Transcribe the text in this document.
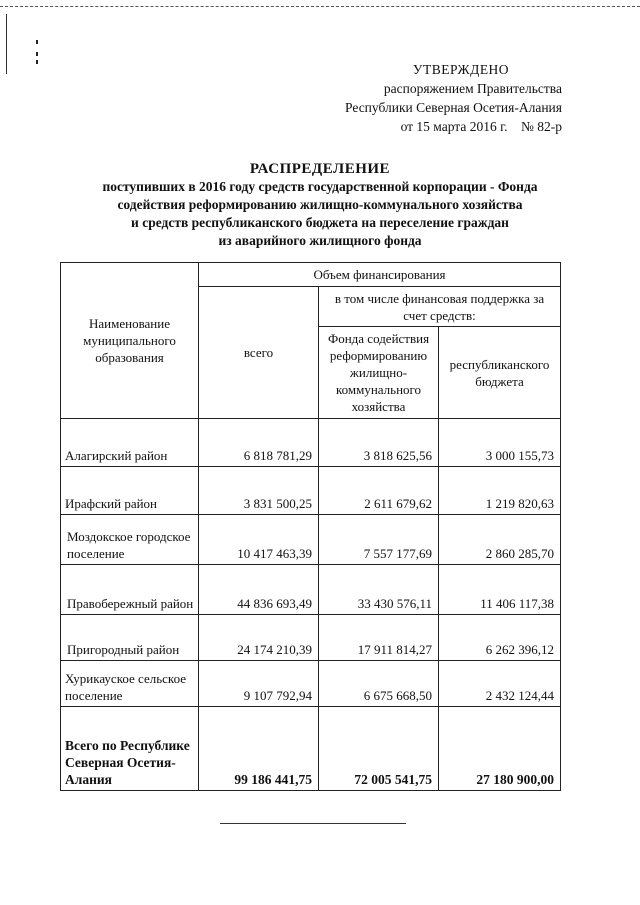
УТВЕРЖДЕНО
распоряжением Правительства
Республики Северная Осетия-Алания
от 15 марта 2016 г.    № 82-р
РАСПРЕДЕЛЕНИЕ
поступивших в 2016 году средств государственной корпорации - Фонда
содействия реформированию жилищно-коммунального хозяйства
и средств республиканского бюджета на переселение граждан
из аварийного жилищного фонда
Наименование муниципального образования	Объем финансирования		
	всего	в том числе финансовая поддержка за счет средств:	
		Фонда содействия реформированию жилищно-коммунального хозяйства	республиканского бюджета
Алагирский район	6 818 781,29	3 818 625,56	3 000 155,73
Ирафский район	3 831 500,25	2 611 679,62	1 219 820,63
Моздокское городское поселение	10 417 463,39	7 557 177,69	2 860 285,70
Правобережный район	44 836 693,49	33 430 576,11	11 406 117,38
Пригородный район	24 174 210,39	17 911 814,27	6 262 396,12
Хурикауское сельское поселение	9 107 792,94	6 675 668,50	2 432 124,44
Всего по Республике Северная Осетия-Алания	99 186 441,75	72 005 541,75	27 180 900,00
